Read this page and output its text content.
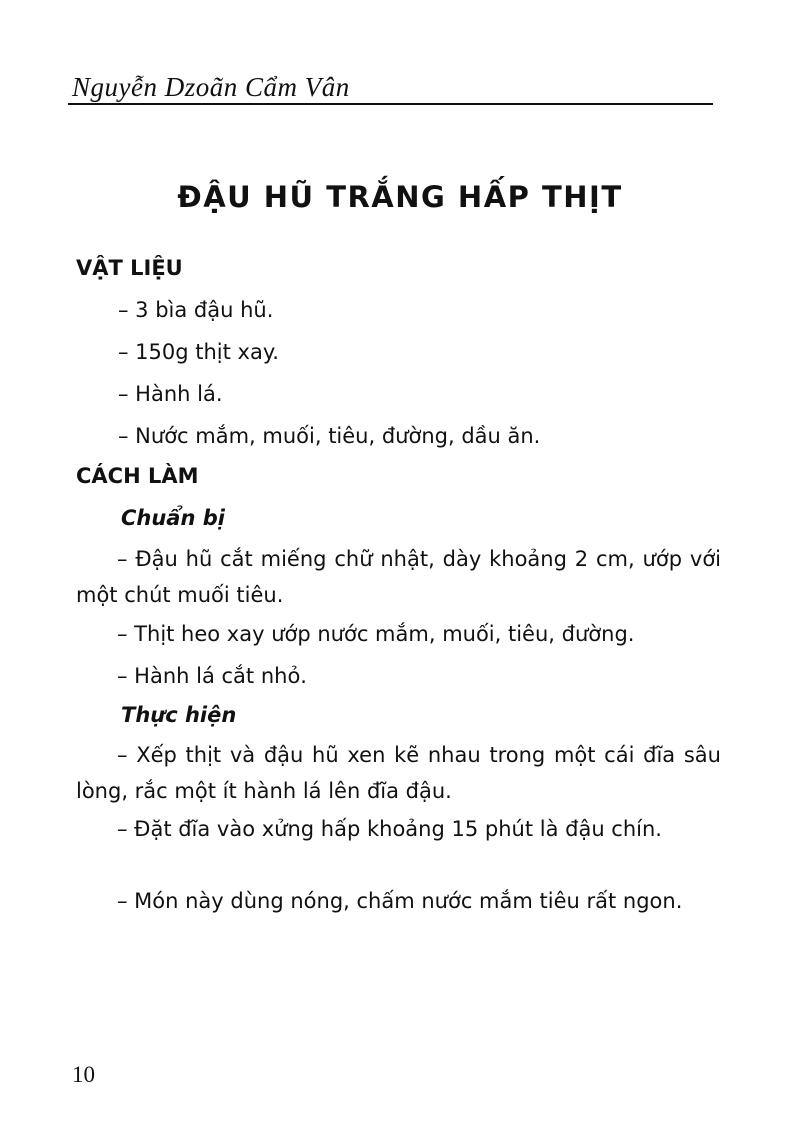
Nguyễn Dzoãn Cẩm Vân
ĐẬU HŨ TRẮNG HẤP THỊT
VẬT LIỆU
– 3 bìa đậu hũ.
– 150g thịt xay.
– Hành lá.
– Nước mắm, muối, tiêu, đường, dầu ăn.
CÁCH LÀM
Chuẩn bị
– Đậu hũ cắt miếng chữ nhật, dày khoảng 2 cm, ướp với một chút muối tiêu.
– Thịt heo xay ướp nước mắm, muối, tiêu, đường.
– Hành lá cắt nhỏ.
Thực hiện
– Xếp thịt và đậu hũ xen kẽ nhau trong một cái đĩa sâu lòng, rắc một ít hành lá lên đĩa đậu.
– Đặt đĩa vào xửng hấp khoảng 15 phút là đậu chín.
– Món này dùng nóng, chấm nước mắm tiêu rất ngon.
10
